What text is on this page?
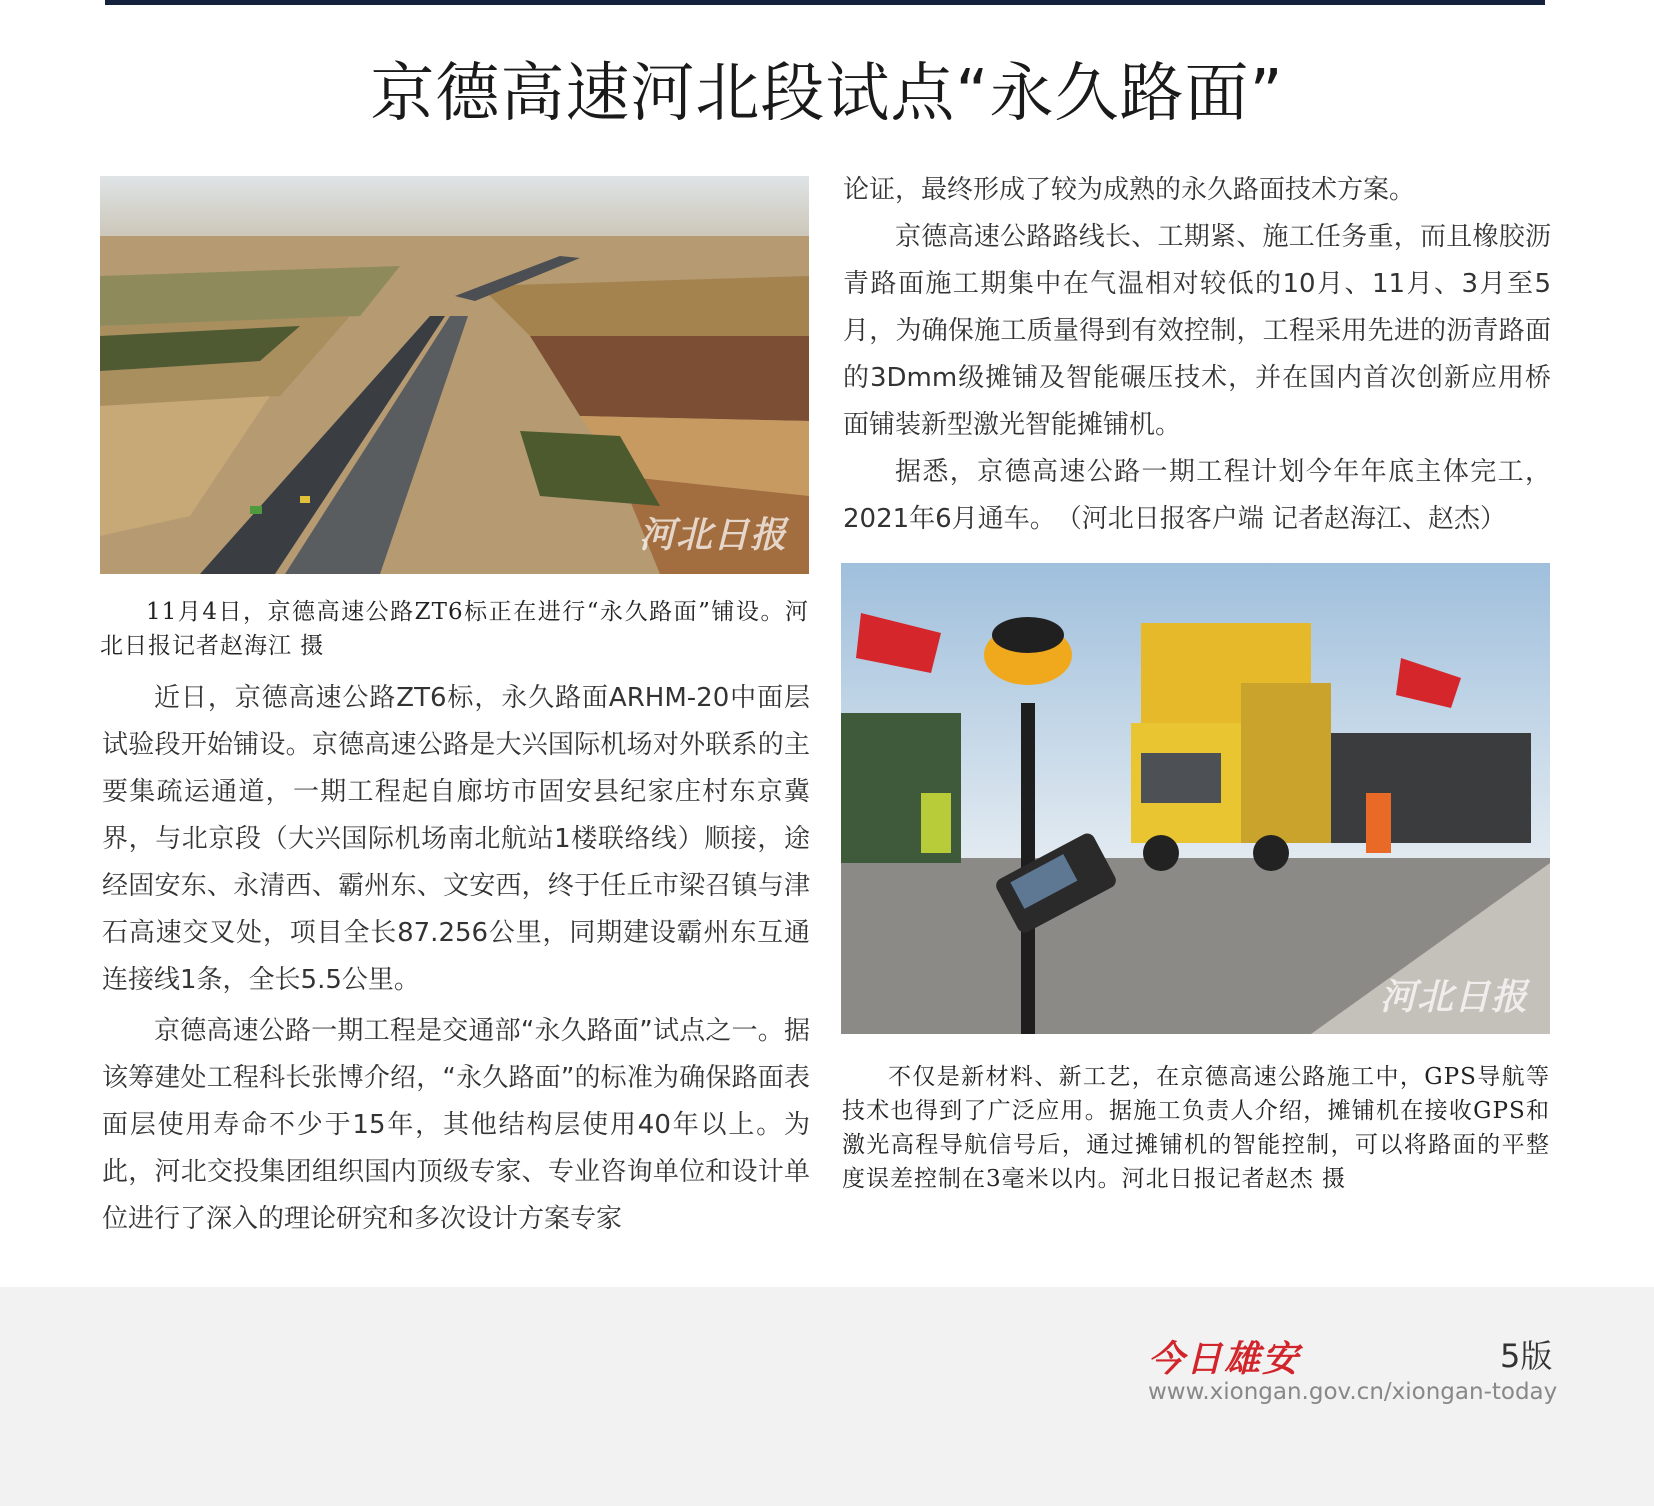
京德高速河北段试点“永久路面”
河北日报

11月4日，京德高速公路ZT6标正在进行“永久路面”铺设。河北日报记者赵海江 摄

近日，京德高速公路ZT6标，永久路面ARHM-20中面层试验段开始铺设。京德高速公路是大兴国际机场对外联系的主要集疏运通道，一期工程起自廊坊市固安县纪家庄村东京冀界，与北京段（大兴国际机场南北航站1楼联络线）顺接，途经固安东、永清西、霸州东、文安西，终于任丘市梁召镇与津石高速交叉处，项目全长87.256公里，同期建设霸州东互通连接线1条，全长5.5公里。

京德高速公路一期工程是交通部“永久路面”试点之一。据该筹建处工程科长张博介绍，“永久路面”的标准为确保路面表面层使用寿命不少于15年，其他结构层使用40年以上。为此，河北交投集团组织国内顶级专家、专业咨询单位和设计单位进行了深入的理论研究和多次设计方案专家

论证，最终形成了较为成熟的永久路面技术方案。

京德高速公路路线长、工期紧、施工任务重，而且橡胶沥青路面施工期集中在气温相对较低的10月、11月、3月至5月，为确保施工质量得到有效控制，工程采用先进的沥青路面的3Dmm级摊铺及智能碾压技术，并在国内首次创新应用桥面铺装新型激光智能摊铺机。

据悉，京德高速公路一期工程计划今年年底主体完工，2021年6月通车。　（河北日报客户端 记者赵海江、赵杰）

河北日报

不仅是新材料、新工艺，在京德高速公路施工中，GPS导航等技术也得到了广泛应用。据施工负责人介绍，摊铺机在接收GPS和激光高程导航信号后，通过摊铺机的智能控制，可以将路面的平整度误差控制在3毫米以内。河北日报记者赵杰 摄

今日雄安	5版
www.xiongan.gov.cn/xiongan-today
